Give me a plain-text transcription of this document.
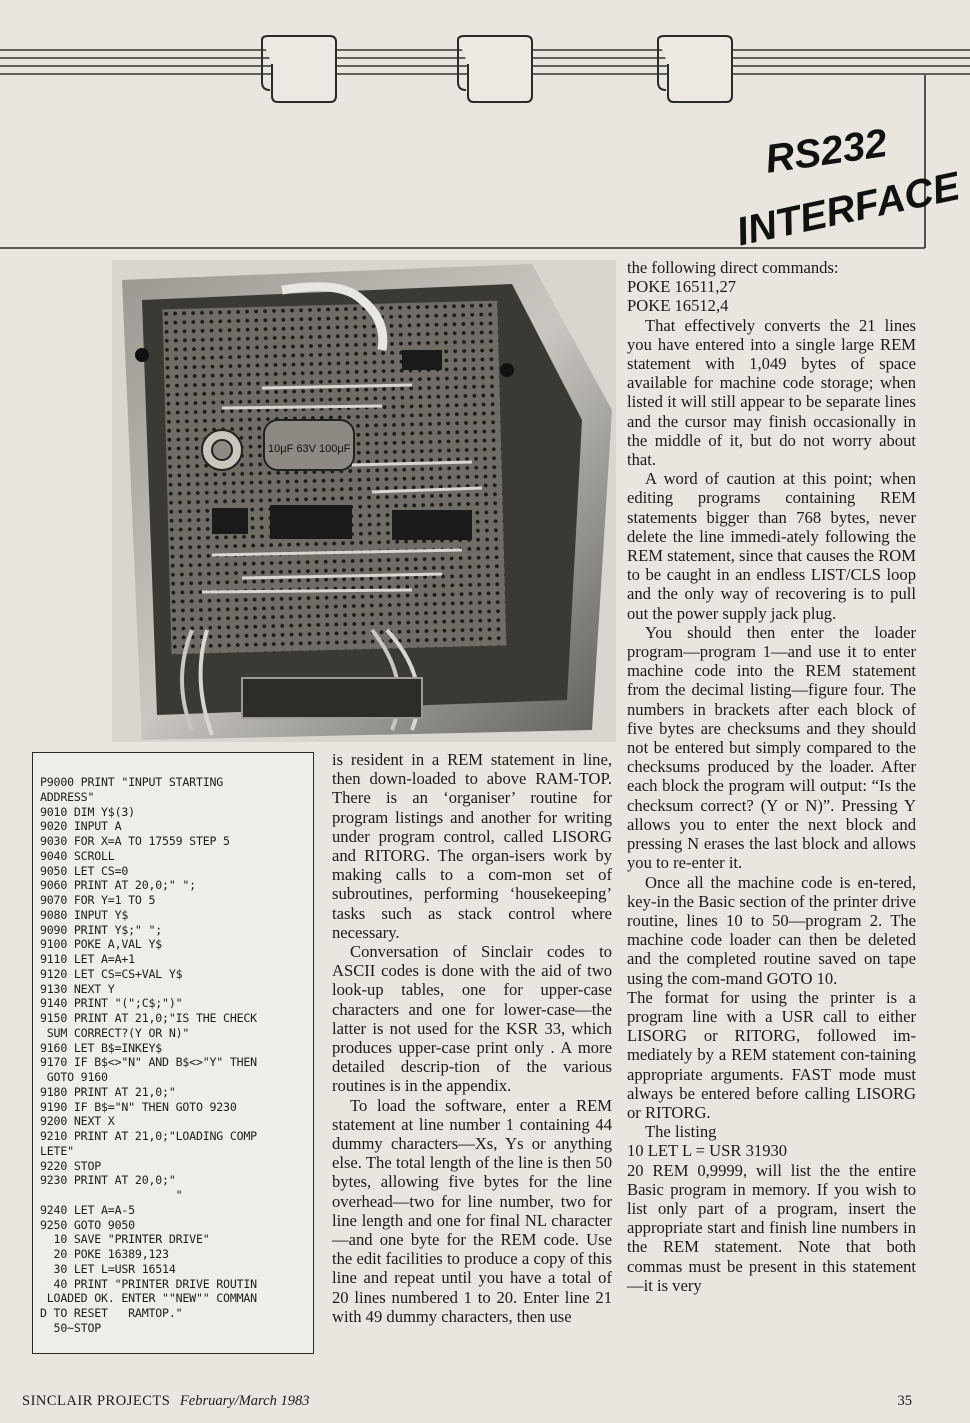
RS232
INTERFACE
10μF 63V 100μF
P9000 PRINT "INPUT STARTING
ADDRESS"
9010 DIM Y$(3)
9020 INPUT A
9030 FOR X=A TO 17559 STEP 5
9040 SCROLL
9050 LET CS=0
9060 PRINT AT 20,0;" ";
9070 FOR Y=1 TO 5
9080 INPUT Y$
9090 PRINT Y$;" ";
9100 POKE A,VAL Y$
9110 LET A=A+1
9120 LET CS=CS+VAL Y$
9130 NEXT Y
9140 PRINT "(";C$;")"
9150 PRINT AT 21,0;"IS THE CHECK
SUM CORRECT?(Y OR N)"
9160 LET B$=INKEY$
9170 IF B$<>"N" AND B$<>"Y" THEN
GOTO 9160
9180 PRINT AT 21,0;"
9190 IF B$="N" THEN GOTO 9230
9200 NEXT X
9210 PRINT AT 21,0;"LOADING COMP
LETE"
9220 STOP
9230 PRINT AT 20,0;"
"
9240 LET A=A-5
9250 GOTO 9050
10 SAVE "PRINTER DRIVE"
20 POKE 16389,123
30 LET L=USR 16514
40 PRINT "PRINTER DRIVE ROUTIN
LOADED OK. ENTER ""NEW"" COMMAN
D TO RESET   RAMTOP."
50~STOP

is resident in a REM statement in line, then down-loaded to above RAM-TOP. There is an ‘organiser’ routine for program listings and another for writing under program control, called LISORG and RITORG. The organ-isers work by making calls to a com-mon set of subroutines, performing ‘housekeeping’ tasks such as stack control where necessary.

Conversation of Sinclair codes to ASCII codes is done with the aid of two look-up tables, one for upper-case characters and one for lower-case—the latter is not used for the KSR 33, which produces upper-case print only . A more detailed descrip-tion of the various routines is in the appendix.

To load the software, enter a REM statement at line number 1 containing 44 dummy characters—Xs, Ys or anything else. The total length of the line is then 50 bytes, allowing five bytes for the line overhead—two for line number, two for line length and one for final NL character—and one byte for the REM code. Use the edit facilities to produce a copy of this line and repeat until you have a total of 20 lines numbered 1 to 20. Enter line 21 with 49 dummy characters, then use

the following direct commands:

POKE 16511,27

POKE 16512,4

That effectively converts the 21 lines you have entered into a single large REM statement with 1,049 bytes of space available for machine code storage; when listed it will still appear to be separate lines and the cursor may finish occasionally in the middle of it, but do not worry about that.

A word of caution at this point; when editing programs containing REM statements bigger than 768 bytes, never delete the line immedi-ately following the REM statement, since that causes the ROM to be caught in an endless LIST/CLS loop and the only way of recovering is to pull out the power supply jack plug.

You should then enter the loader program—program 1—and use it to enter machine code into the REM statement from the decimal listing—figure four. The numbers in brackets after each block of five bytes are checksums and they should not be entered but simply compared to the checksums produced by the loader. After each block the program will output: “Is the checksum correct? (Y or N)”. Pressing Y allows you to enter the next block and pressing N erases the last block and allows you to re-enter it.

Once all the machine code is en-tered, key-in the Basic section of the printer drive routine, lines 10 to 50—program 2. The machine code loader can then be deleted and the completed routine saved on tape using the com-mand GOTO 10.

The format for using the printer is a program line with a USR call to either LISORG or RITORG, followed im-mediately by a REM statement con-taining appropriate arguments. FAST mode must always be entered before calling LISORG or RITORG.

The listing

10 LET L = USR 31930

20 REM 0,9999, will list the the entire Basic program in memory. If you wish to list only part of a program, insert the appropriate start and finish line numbers in the REM statement. Note that both commas must be present in this statement—it is very

SINCLAIR PROJECTS February/March 1983	35
